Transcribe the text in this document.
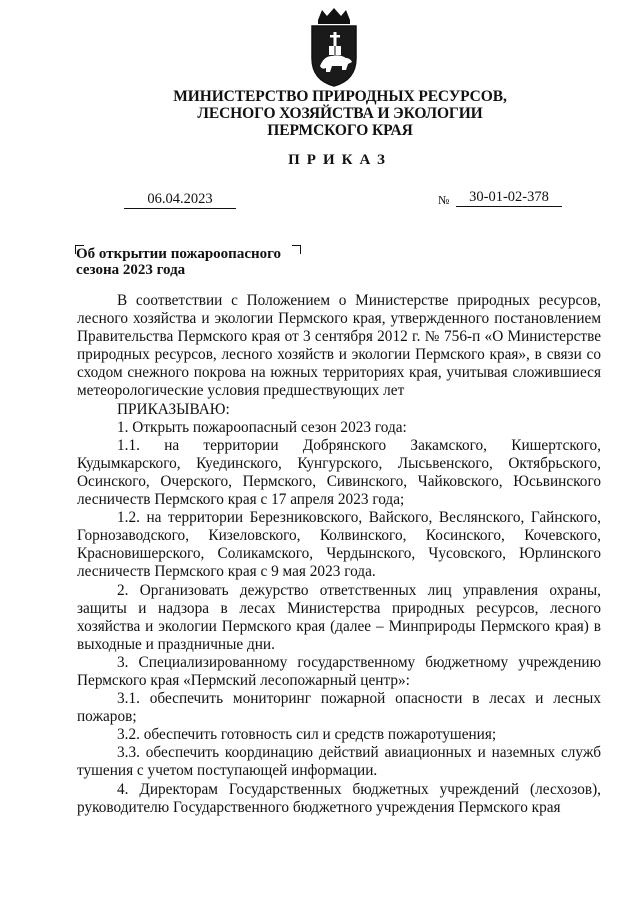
МИНИСТЕРСТВО ПРИРОДНЫХ РЕСУРСОВ,
ЛЕСНОГО ХОЗЯЙСТВА И ЭКОЛОГИИ
ПЕРМСКОГО КРАЯ
ПРИКАЗ
06.04.2023	№	30-01-02-378
Об открытии пожароопасного
сезона 2023 года

В соответствии с Положением о Министерстве природных ресурсов, лесного хозяйства и экологии Пермского края, утвержденного постановлением Правительства Пермского края от 3 сентября 2012 г. № 756-п «О Министерстве природных ресурсов, лесного хозяйств и экологии Пермского края», в связи со сходом снежного покрова на южных территориях края, учитывая сложившиеся метеорологические условия предшествующих лет

ПРИКАЗЫВАЮ:

1. Открыть пожароопасный сезон 2023 года:

1.1. на территории Добрянского Закамского, Кишертского, Кудымкарского, Куединского, Кунгурского, Лысьвенского, Октябрьского, Осинского, Очерского, Пермского, Сивинского, Чайковского, Юсьвинского лесничеств Пермского края с 17 апреля 2023 года;

1.2. на территории Березниковского, Вайского, Веслянского, Гайнского, Горнозаводского, Кизеловского, Колвинского, Косинского, Кочевского, Красновишерского, Соликамского, Чердынского, Чусовского, Юрлинского лесничеств Пермского края с 9 мая 2023 года.

2. Организовать дежурство ответственных лиц управления охраны, защиты и надзора в лесах Министерства природных ресурсов, лесного хозяйства и экологии Пермского края (далее – Минприроды Пермского края) в выходные и праздничные дни.

3. Специализированному государственному бюджетному учреждению Пермского края «Пермский лесопожарный центр»:

3.1. обеспечить мониторинг пожарной опасности в лесах и лесных пожаров;

3.2. обеспечить готовность сил и средств пожаротушения;

3.3. обеспечить координацию действий авиационных и наземных служб тушения с учетом поступающей информации.

4. Директорам Государственных бюджетных учреждений (лесхозов), руководителю Государственного бюджетного учреждения Пермского края
